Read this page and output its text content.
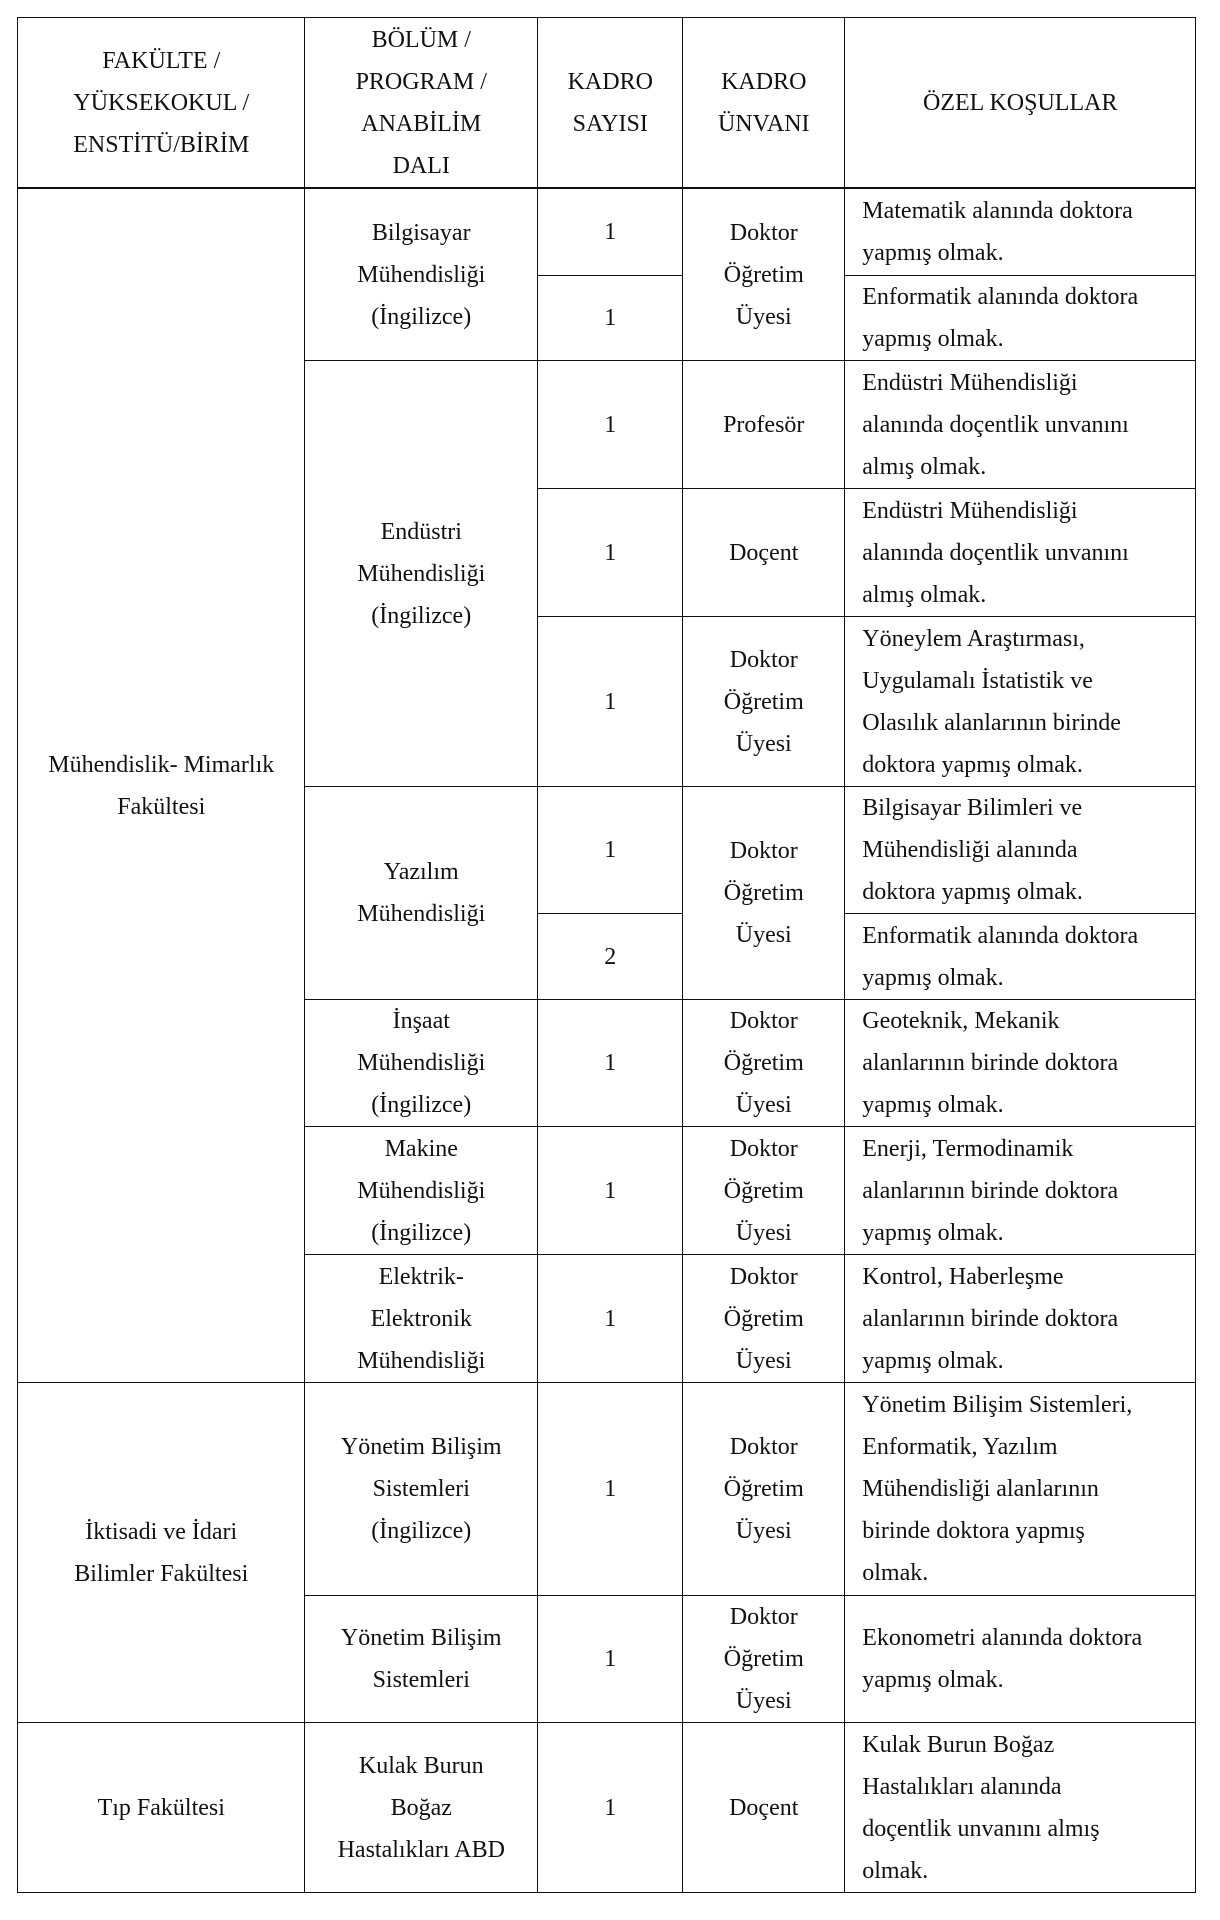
FAKÜLTE /
YÜKSEKOKUL /
ENSTİTÜ/BİRİM
BÖLÜM /
PROGRAM /
ANABİLİM
DALI
KADRO
SAYISI
KADRO
ÜNVANI
ÖZEL KOŞULLAR
Mühendislik- Mimarlık
Fakültesi
İktisadi ve İdari
Bilimler Fakültesi
Tıp Fakültesi
Bilgisayar
Mühendisliği
(İngilizce)
Endüstri
Mühendisliği
(İngilizce)
Yazılım
Mühendisliği
İnşaat
Mühendisliği
(İngilizce)
Makine
Mühendisliği
(İngilizce)
Elektrik-
Elektronik
Mühendisliği
Yönetim Bilişim
Sistemleri
(İngilizce)
Yönetim Bilişim
Sistemleri
Kulak Burun
Boğaz
Hastalıkları ABD
1
1
1
1
1
1
2
1
1
1
1
1
1
Doktor
Öğretim
Üyesi
Profesör
Doçent
Doktor
Öğretim
Üyesi
Doktor
Öğretim
Üyesi
Doktor
Öğretim
Üyesi
Doktor
Öğretim
Üyesi
Doktor
Öğretim
Üyesi
Doktor
Öğretim
Üyesi
Doktor
Öğretim
Üyesi
Doçent
Matematik alanında doktora
yapmış olmak.
Enformatik alanında doktora
yapmış olmak.
Endüstri Mühendisliği
alanında doçentlik unvanını
almış olmak.
Endüstri Mühendisliği
alanında doçentlik unvanını
almış olmak.
Yöneylem Araştırması,
Uygulamalı İstatistik ve
Olasılık alanlarının birinde
doktora yapmış olmak.
Bilgisayar Bilimleri ve
Mühendisliği alanında
doktora yapmış olmak.
Enformatik alanında doktora
yapmış olmak.
Geoteknik, Mekanik
alanlarının birinde doktora
yapmış olmak.
Enerji, Termodinamik
alanlarının birinde doktora
yapmış olmak.
Kontrol, Haberleşme
alanlarının birinde doktora
yapmış olmak.
Yönetim Bilişim Sistemleri,
Enformatik, Yazılım
Mühendisliği alanlarının
birinde doktora yapmış
olmak.
Ekonometri alanında doktora
yapmış olmak.
Kulak Burun Boğaz
Hastalıkları alanında
doçentlik unvanını almış
olmak.
